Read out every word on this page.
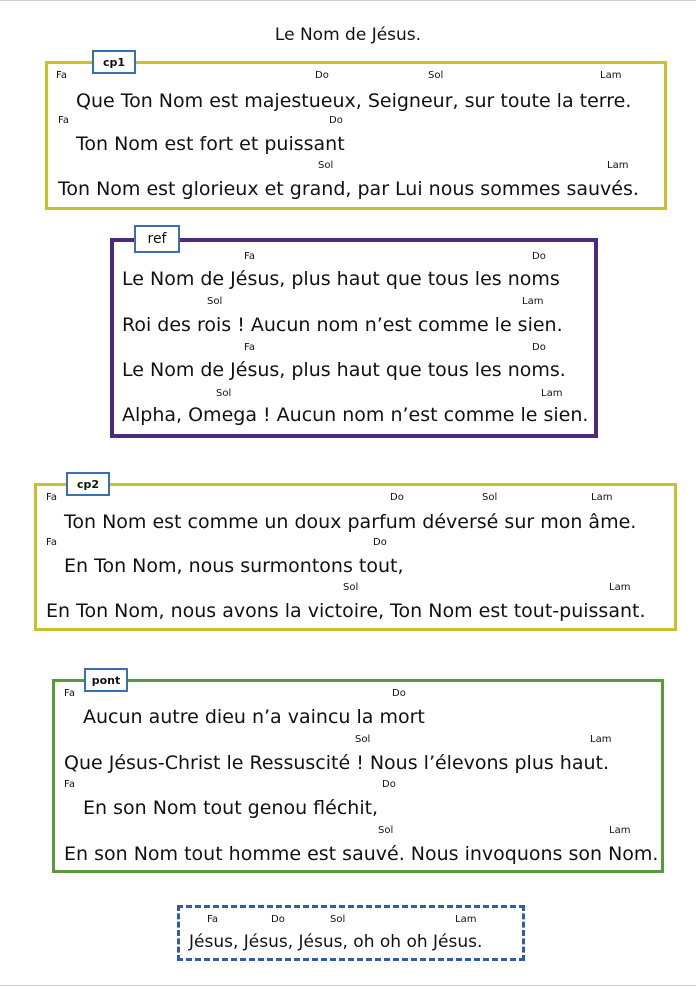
Le Nom de Jésus.
cp1
Fa	Do	Sol	Lam
Que Ton Nom est majestueux, Seigneur, sur toute la terre.
Fa	Do
Ton Nom est fort et puissant
Sol	Lam
Ton Nom est glorieux et grand, par Lui nous sommes sauvés.
ref
Fa	Do
Le Nom de Jésus, plus haut que tous les noms
Sol	Lam
Roi des rois ! Aucun nom n’est comme le sien.
Fa	Do
Le Nom de Jésus, plus haut que tous les noms.
Sol	Lam
Alpha, Omega ! Aucun nom n’est comme le sien.
cp2
Fa	Do	Sol	Lam
Ton Nom est comme un doux parfum déversé sur mon âme.
Fa	Do
En Ton Nom, nous surmontons tout,
Sol	Lam
En Ton Nom, nous avons la victoire, Ton Nom est tout-puissant.
pont
Fa	Do
Aucun autre dieu n’a vaincu la mort
Sol	Lam
Que Jésus-Christ le Ressuscité ! Nous l’élevons plus haut.
Fa	Do
En son Nom tout genou fléchit,
Sol	Lam
En son Nom tout homme est sauvé. Nous invoquons son Nom.
Fa	Do	Sol	Lam
Jésus, Jésus, Jésus, oh oh oh Jésus.
